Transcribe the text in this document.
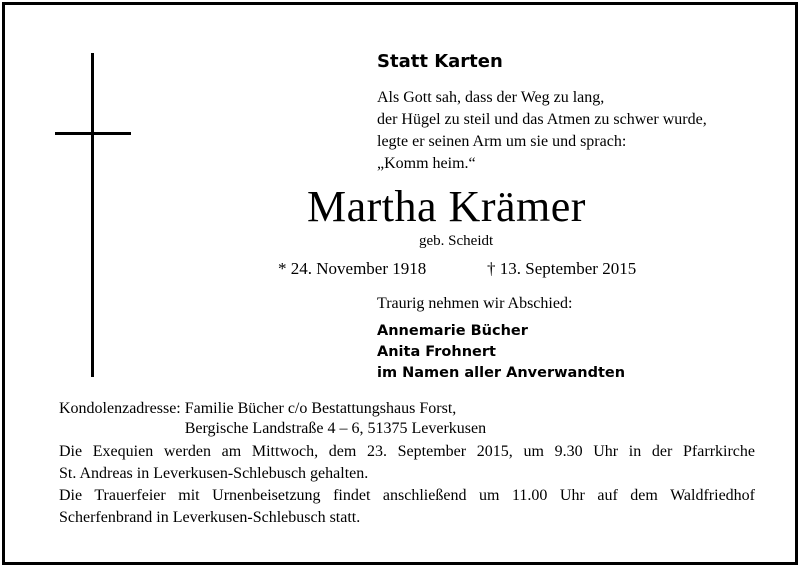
Statt Karten
Als Gott sah, dass der Weg zu lang,
der Hügel zu steil und das Atmen zu schwer wurde,
legte er seinen Arm um sie und sprach:
„Komm heim.“
Martha Krämer
geb. Scheidt
* 24. November 1918	† 13. September 2015
Traurig nehmen wir Abschied:
Annemarie Bücher
Anita Frohnert
im Namen aller Anverwandten
Kondolenzadresse: Familie Bücher c/o Bestattungshaus Forst,
Bergische Landstraße 4 – 6, 51375 Leverkusen
Die Exequien werden am Mittwoch, dem 23. September 2015, um 9.30 Uhr in der Pfarrkirche
St. Andreas in Leverkusen-Schlebusch gehalten.
Die Trauerfeier mit Urnenbeisetzung findet anschließend um 11.00 Uhr auf dem Waldfriedhof
Scherfenbrand in Leverkusen-Schlebusch statt.
